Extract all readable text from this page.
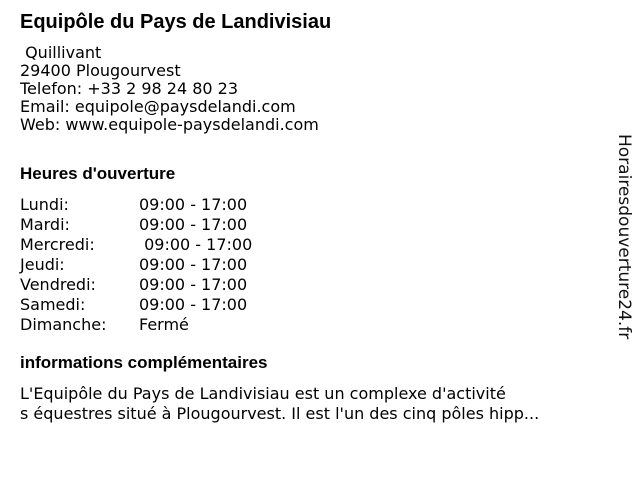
Equipôle du Pays de Landivisiau
Quillivant
29400 Plougourvest
Telefon: +33 2 98 24 80 23
Email: equipole@paysdelandi.com
Web: www.equipole-paysdelandi.com
Heures d'ouverture
Lundi:	09:00 - 17:00
Mardi:	09:00 - 17:00
Mercredi:	09:00 - 17:00
Jeudi:	09:00 - 17:00
Vendredi:	09:00 - 17:00
Samedi:	09:00 - 17:00
Dimanche: Fermé
informations complémentaires
L'Equipôle du Pays de Landivisiau est un complexe d'activité
s équestres situé à Plougourvest. Il est l'un des cinq pôles hipp...
Horairesdouverture24.fr
